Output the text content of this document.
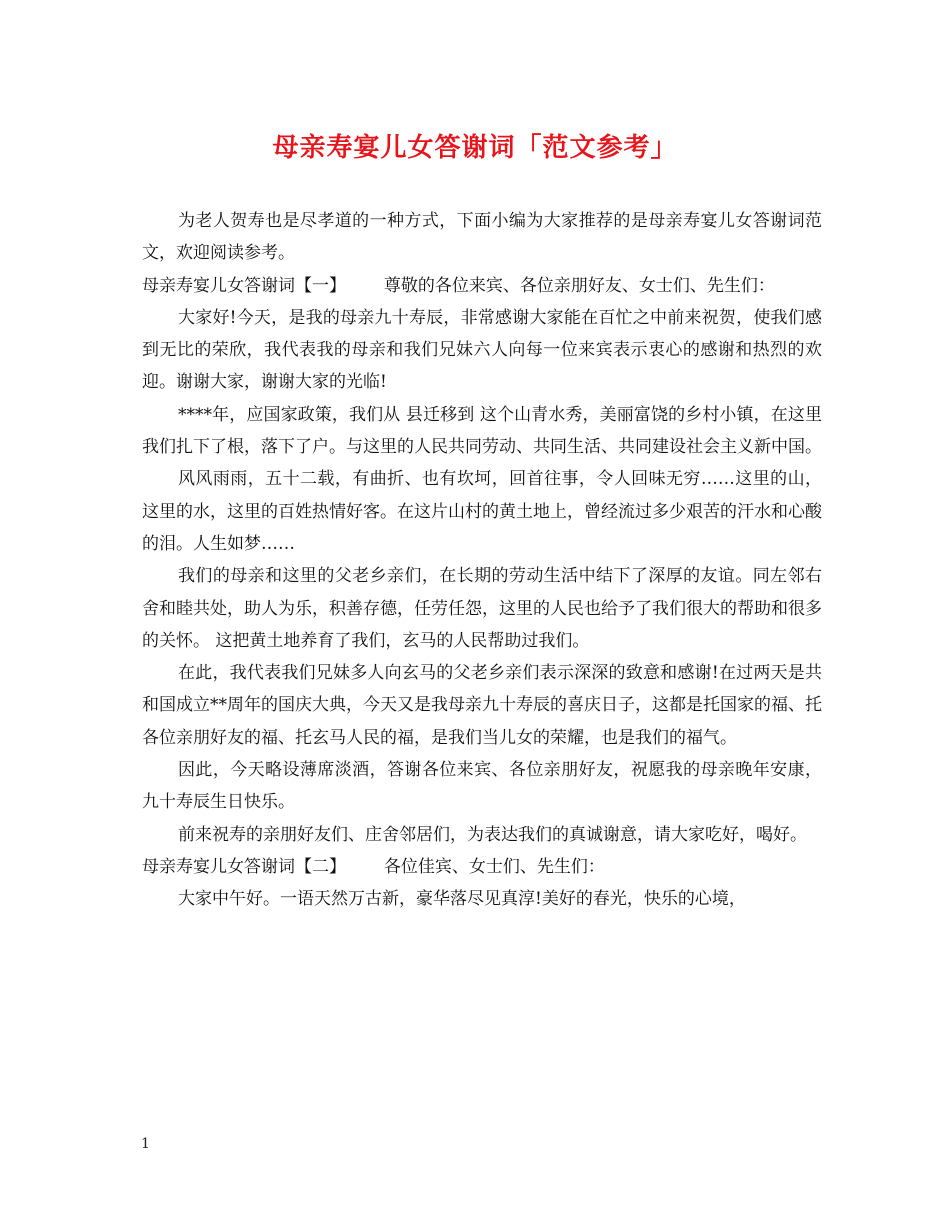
母亲寿宴儿女答谢词「范文参考」

为老人贺寿也是尽孝道的一种方式，下面小编为大家推荐的是母亲寿宴儿女答谢词范文，欢迎阅读参考。

母亲寿宴儿女答谢词【一】       尊敬的各位来宾、各位亲朋好友、女士们、先生们：

大家好!今天，是我的母亲九十寿辰，非常感谢大家能在百忙之中前来祝贺，使我们感到无比的荣欣，我代表我的母亲和我们兄妹六人向每一位来宾表示衷心的感谢和热烈的欢迎。谢谢大家，谢谢大家的光临!

****年，应国家政策，我们从 县迁移到 这个山青水秀，美丽富饶的乡村小镇，在这里我们扎下了根，落下了户。与这里的人民共同劳动、共同生活、共同建设社会主义新中国。

风风雨雨，五十二载，有曲折、也有坎坷，回首往事，令人回味无穷……这里的山，这里的水，这里的百姓热情好客。在这片山村的黄土地上，曾经流过多少艰苦的汗水和心酸的泪。人生如梦……

我们的母亲和这里的父老乡亲们，在长期的劳动生活中结下了深厚的友谊。同左邻右舍和睦共处，助人为乐，积善存德，任劳任怨，这里的人民也给予了我们很大的帮助和很多的关怀。 这把黄土地养育了我们，玄马的人民帮助过我们。

在此，我代表我们兄妹多人向玄马的父老乡亲们表示深深的致意和感谢!在过两天是共和国成立**周年的国庆大典，今天又是我母亲九十寿辰的喜庆日子，这都是托国家的福、托各位亲朋好友的福、托玄马人民的福，是我们当儿女的荣耀，也是我们的福气。

因此，今天略设薄席淡酒，答谢各位来宾、各位亲朋好友，祝愿我的母亲晚年安康，九十寿辰生日快乐。

前来祝寿的亲朋好友们、庄舍邻居们，为表达我们的真诚谢意，请大家吃好，喝好。

母亲寿宴儿女答谢词【二】       各位佳宾、女士们、先生们：

大家中午好。一语天然万古新，豪华落尽见真淳!美好的春光，快乐的心境，

1
